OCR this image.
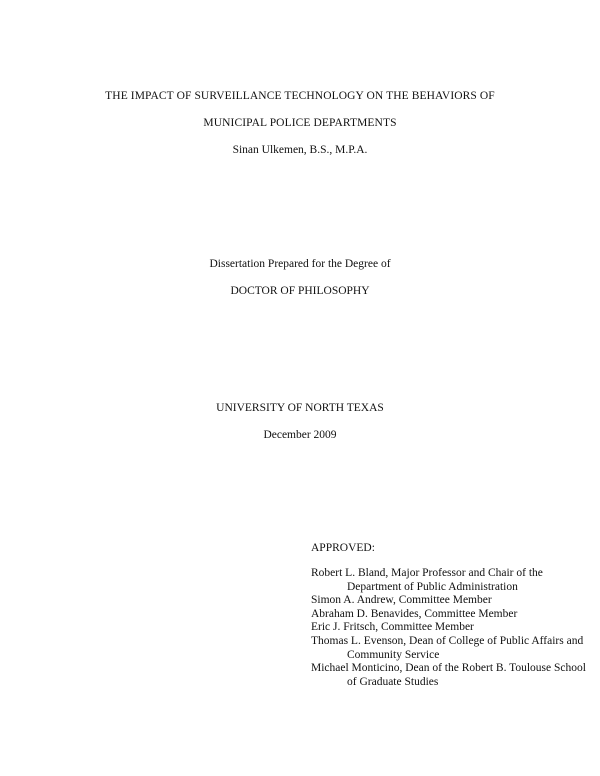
THE IMPACT OF SURVEILLANCE TECHNOLOGY ON THE BEHAVIORS OF
MUNICIPAL POLICE DEPARTMENTS
Sinan Ulkemen, B.S., M.P.A.
Dissertation Prepared for the Degree of
DOCTOR OF PHILOSOPHY
UNIVERSITY OF NORTH TEXAS
December 2009
APPROVED:
Robert L. Bland, Major Professor and Chair of the Department of Public Administration
Simon A. Andrew, Committee Member
Abraham D. Benavides, Committee Member
Eric J. Fritsch, Committee Member
Thomas L. Evenson, Dean of College of Public Affairs and Community Service
Michael Monticino, Dean of the Robert B. Toulouse School of Graduate Studies
